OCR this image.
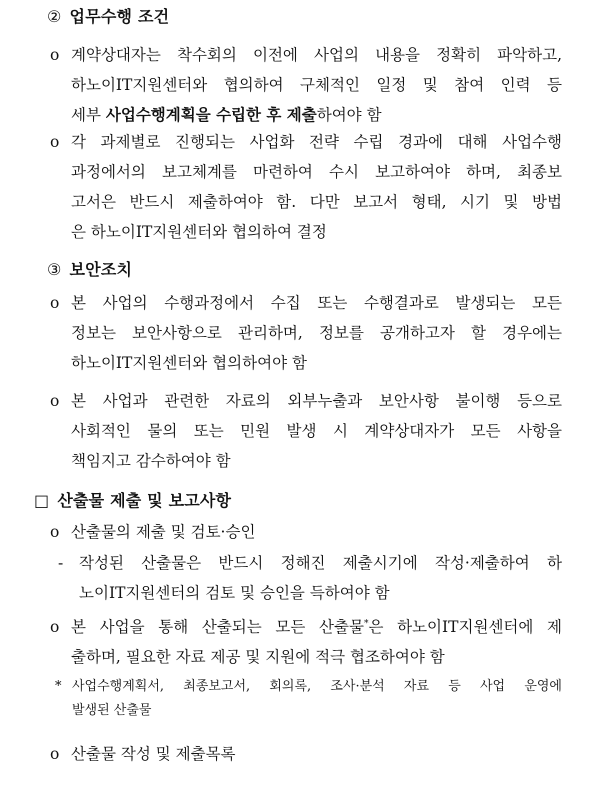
② 업무수행 조건
o 계약상대자는 착수회의 이전에 사업의 내용을 정확히 파악하고,
하노이IT지원센터와 협의하여 구체적인 일정 및 참여 인력 등
세부 사업수행계획을 수립한 후 제출하여야 함
o 각 과제별로 진행되는 사업화 전략 수립 경과에 대해 사업수행
과정에서의 보고체계를 마련하여 수시 보고하여야 하며, 최종보
고서은 반드시 제출하여야 함. 다만 보고서 형태, 시기 및 방법
은 하노이IT지원센터와 협의하여 결정
③ 보안조치
o 본 사업의 수행과정에서 수집 또는 수행결과로 발생되는 모든
정보는 보안사항으로 관리하며, 정보를 공개하고자 할 경우에는
하노이IT지원센터와 협의하여야 함
o 본 사업과 관련한 자료의 외부누출과 보안사항 불이행 등으로
사회적인 물의 또는 민원 발생 시 계약상대자가 모든 사항을
책임지고 감수하여야 함
□ 산출물 제출 및 보고사항
o 산출물의 제출 및 검토·승인
- 작성된 산출물은 반드시 정해진 제출시기에 작성·제출하여 하
노이IT지원센터의 검토 및 승인을 득하여야 함
o 본 사업을 통해 산출되는 모든 산출물*은 하노이IT지원센터에 제
출하며, 필요한 자료 제공 및 지원에 적극 협조하여야 함
* 사업수행계획서, 최종보고서, 회의록, 조사·분석 자료 등 사업 운영에
발생된 산출물
o 산출물 작성 및 제출목록
